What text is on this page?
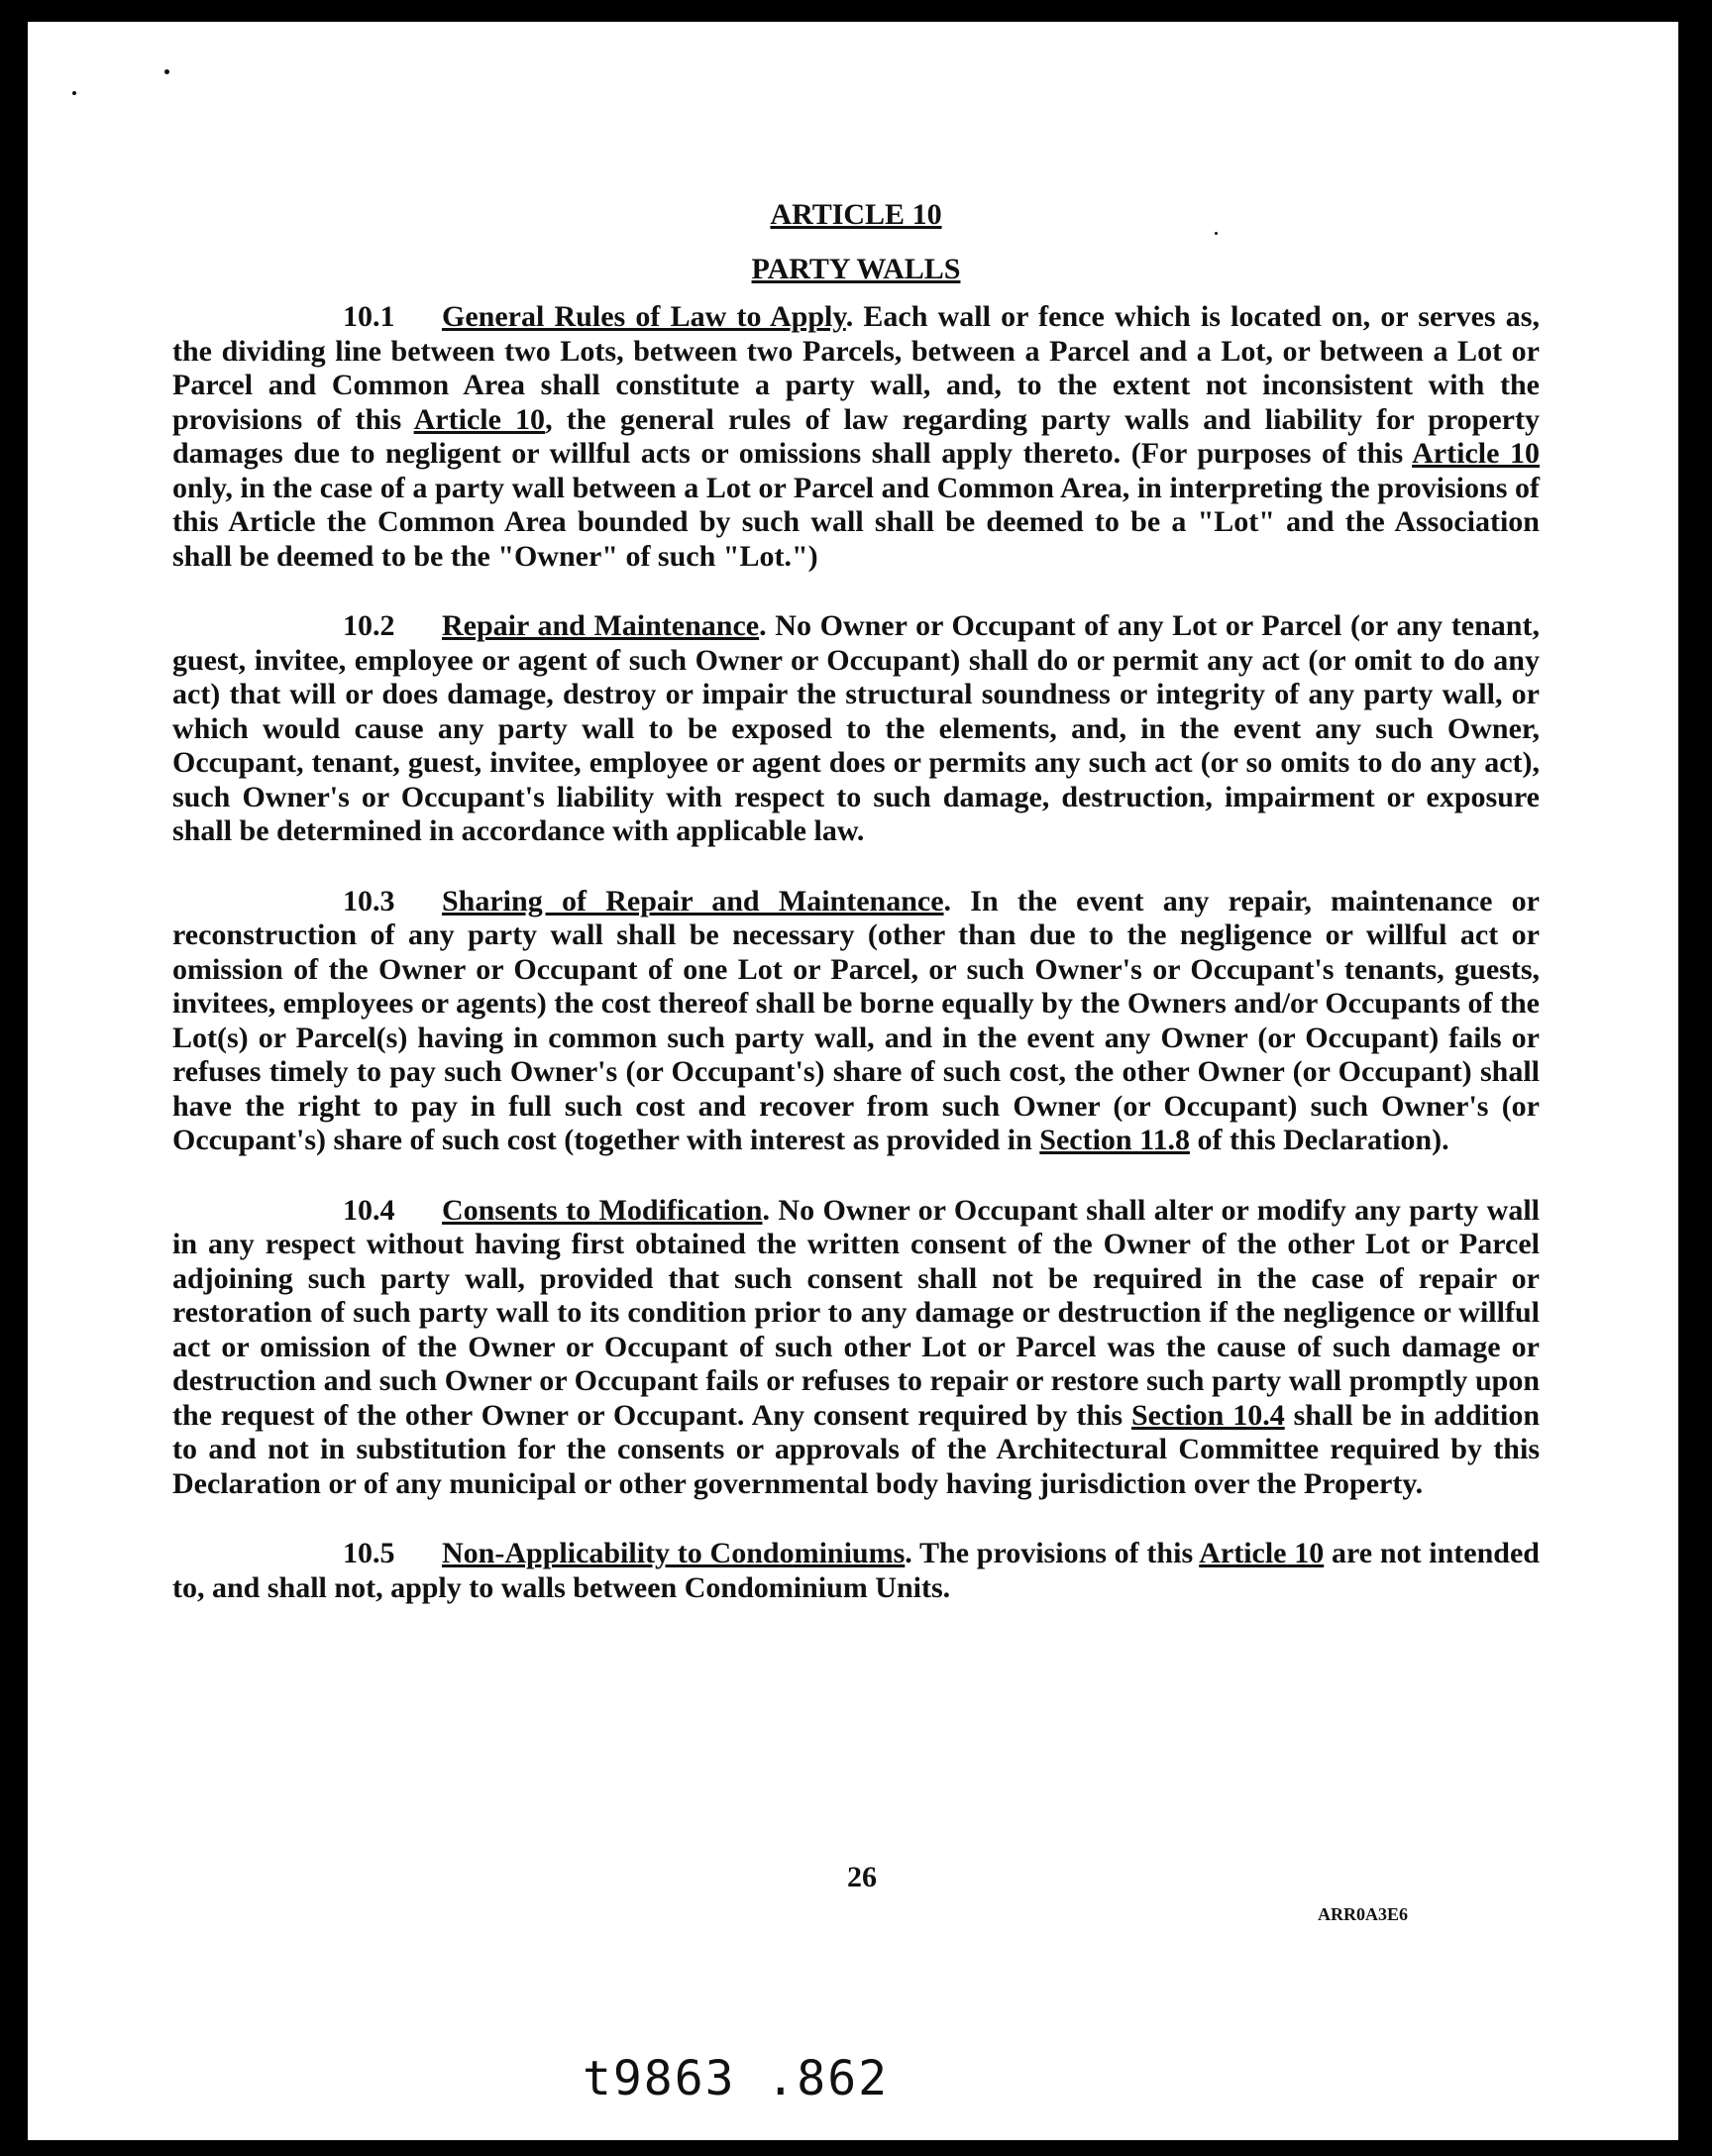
ARTICLE 10

PARTY WALLS

10.1 General Rules of Law to Apply. Each wall or fence which is located on, or serves as, the dividing line between two Lots, between two Parcels, between a Parcel and a Lot, or between a Lot or Parcel and Common Area shall constitute a party wall, and, to the extent not inconsistent with the provisions of this Article 10, the general rules of law regarding party walls and liability for property damages due to negligent or willful acts or omissions shall apply thereto. (For purposes of this Article 10 only, in the case of a party wall between a Lot or Parcel and Common Area, in interpreting the provisions of this Article the Common Area bounded by such wall shall be deemed to be a "Lot" and the Association shall be deemed to be the "Owner" of such "Lot.")

10.2 Repair and Maintenance. No Owner or Occupant of any Lot or Parcel (or any tenant, guest, invitee, employee or agent of such Owner or Occupant) shall do or permit any act (or omit to do any act) that will or does damage, destroy or impair the structural soundness or integrity of any party wall, or which would cause any party wall to be exposed to the elements, and, in the event any such Owner, Occupant, tenant, guest, invitee, employee or agent does or permits any such act (or so omits to do any act), such Owner's or Occupant's liability with respect to such damage, destruction, impairment or exposure shall be determined in accordance with applicable law.

10.3 Sharing of Repair and Maintenance. In the event any repair, maintenance or reconstruction of any party wall shall be necessary (other than due to the negligence or willful act or omission of the Owner or Occupant of one Lot or Parcel, or such Owner's or Occupant's tenants, guests, invitees, employees or agents) the cost thereof shall be borne equally by the Owners and/or Occupants of the Lot(s) or Parcel(s) having in common such party wall, and in the event any Owner (or Occupant) fails or refuses timely to pay such Owner's (or Occupant's) share of such cost, the other Owner (or Occupant) shall have the right to pay in full such cost and recover from such Owner (or Occupant) such Owner's (or Occupant's) share of such cost (together with interest as provided in Section 11.8 of this Declaration).

10.4 Consents to Modification. No Owner or Occupant shall alter or modify any party wall in any respect without having first obtained the written consent of the Owner of the other Lot or Parcel adjoining such party wall, provided that such consent shall not be required in the case of repair or restoration of such party wall to its condition prior to any damage or destruction if the negligence or willful act or omission of the Owner or Occupant of such other Lot or Parcel was the cause of such damage or destruction and such Owner or Occupant fails or refuses to repair or restore such party wall promptly upon the request of the other Owner or Occupant. Any consent required by this Section 10.4 shall be in addition to and not in substitution for the consents or approvals of the Architectural Committee required by this Declaration or of any municipal or other governmental body having jurisdiction over the Property.

10.5 Non-Applicability to Condominiums. The provisions of this Article 10 are not intended to, and shall not, apply to walls between Condominium Units.

26
ARR0A3E6
t9863 .862
